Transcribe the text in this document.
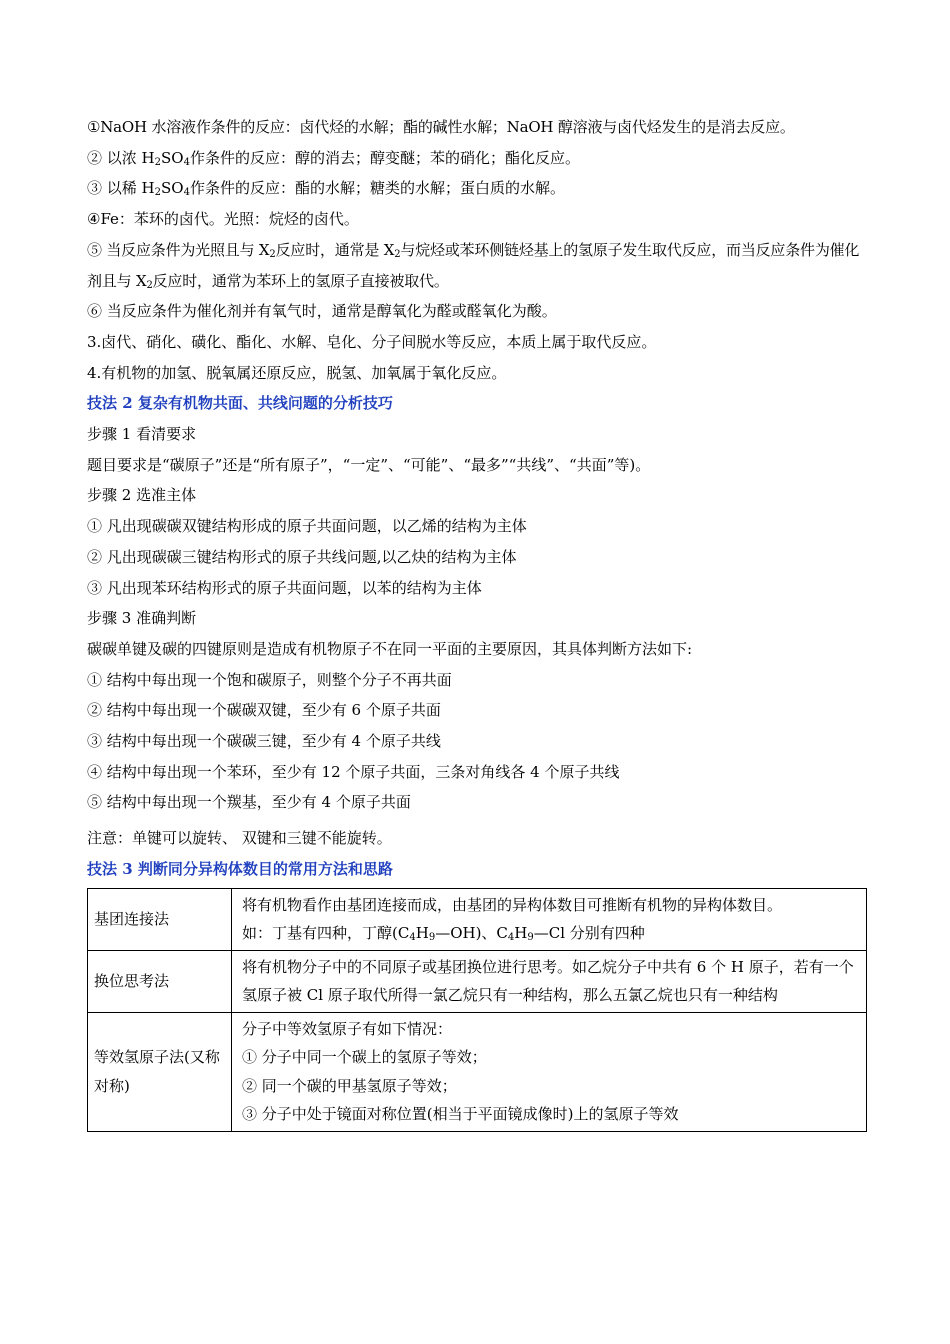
①NaOH 水溶液作条件的反应：卤代烃的水解；酯的碱性水解；NaOH 醇溶液与卤代烃发生的是消去反应。

② 以浓 $H_2SO_4$作条件的反应：醇的消去；醇变醚；苯的硝化；酯化反应。

③ 以稀 $H_2SO_4$作条件的反应：酯的水解；糖类的水解；蛋白质的水解。

④Fe：苯环的卤代。光照：烷烃的卤代。

⑤ 当反应条件为光照且与 $X_2$反应时，通常是 $X_2$与烷烃或苯环侧链烃基上的氢原子发生取代反应，而当反应条件为催化剂且与 $X_2$反应时，通常为苯环上的氢原子直接被取代。

⑥ 当反应条件为催化剂并有氧气时，通常是醇氧化为醛或醛氧化为酸。

3.卤代、硝化、磺化、酯化、水解、皂化、分子间脱水等反应，本质上属于取代反应。

4.有机物的加氢、脱氧属还原反应，脱氢、加氧属于氧化反应。

技法 2 复杂有机物共面、共线问题的分析技巧

步骤 1 看清要求

题目要求是“碳原子”还是“所有原子”，“一定”、“可能”、“最多”“共线”、“共面”等)。

步骤 2 选准主体

① 凡出现碳碳双键结构形成的原子共面问题，以乙烯的结构为主体

② 凡出现碳碳三键结构形式的原子共线问题,以乙炔的结构为主体

③ 凡出现苯环结构形式的原子共面问题，以苯的结构为主体

步骤 3 准确判断

碳碳单键及碳的四键原则是造成有机物原子不在同一平面的主要原因，其具体判断方法如下:

① 结构中每出现一个饱和碳原子，则整个分子不再共面

② 结构中每出现一个碳碳双键，至少有 6 个原子共面

③ 结构中每出现一个碳碳三键，至少有 4 个原子共线

④ 结构中每出现一个苯环，至少有 12 个原子共面，三条对角线各 4 个原子共线

⑤ 结构中每出现一个羰基，至少有 4 个原子共面

注意：单键可以旋转、 双键和三键不能旋转。

技法 3 判断同分异构体数目的常用方法和思路

基团连接法	将有机物看作由基团连接而成，由基团的异构体数目可推断有机物的异构体数目。
如：丁基有四种，丁醇$(C_4H_9—OH)$、$C_4H_9—Cl$ 分别有四种

换位思考法	将有机物分子中的不同原子或基团换位进行思考。如乙烷分子中共有 6 个 H 原子，若有一个氢原子被 Cl 原子取代所得一氯乙烷只有一种结构，那么五氯乙烷也只有一种结构
等效氢原子法(又称对称)	分子中等效氢原子有如下情况：
① 分子中同一个碳上的氢原子等效；
② 同一个碳的甲基氢原子等效；
③ 分子中处于镜面对称位置(相当于平面镜成像时)上的氢原子等效
